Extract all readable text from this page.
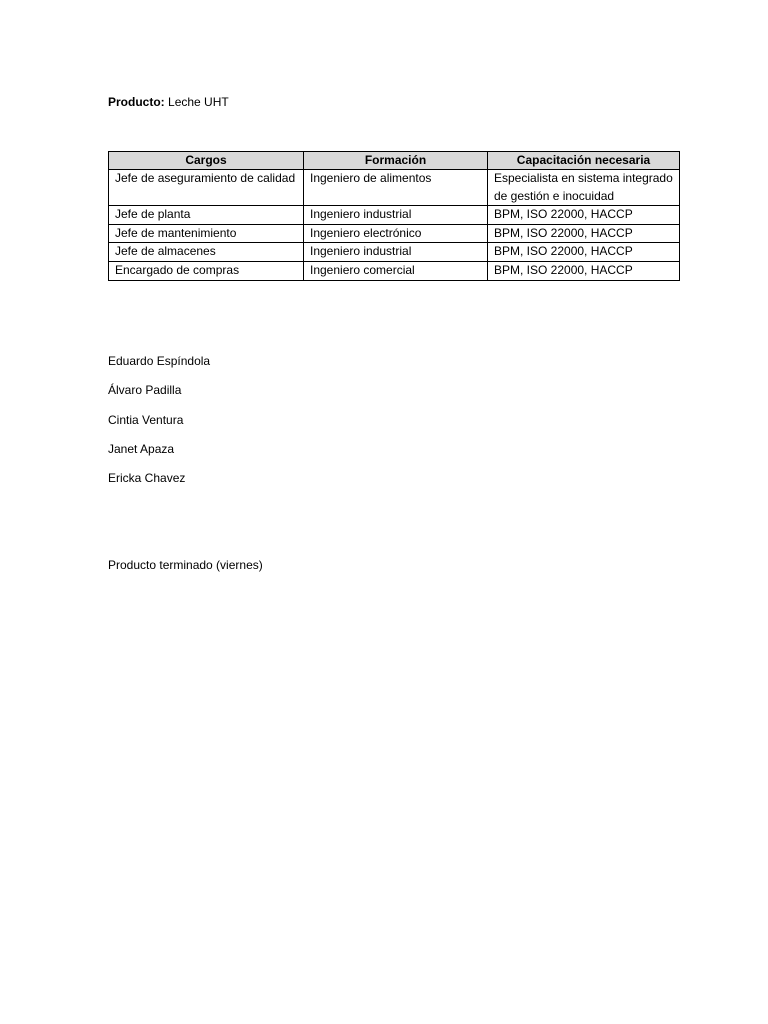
Producto: Leche UHT
Cargos	Formación	Capacitación necesaria
Jefe de aseguramiento de calidad	Ingeniero de alimentos	Especialista en sistema integrado de gestión e inocuidad
Jefe de planta	Ingeniero industrial	BPM, ISO 22000, HACCP
Jefe de mantenimiento	Ingeniero electrónico	BPM, ISO 22000, HACCP
Jefe de almacenes	Ingeniero industrial	BPM, ISO 22000, HACCP
Encargado de compras	Ingeniero comercial	BPM, ISO 22000, HACCP
Eduardo Espíndola
Álvaro Padilla
Cintia Ventura
Janet Apaza
Ericka Chavez
Producto terminado (viernes)
